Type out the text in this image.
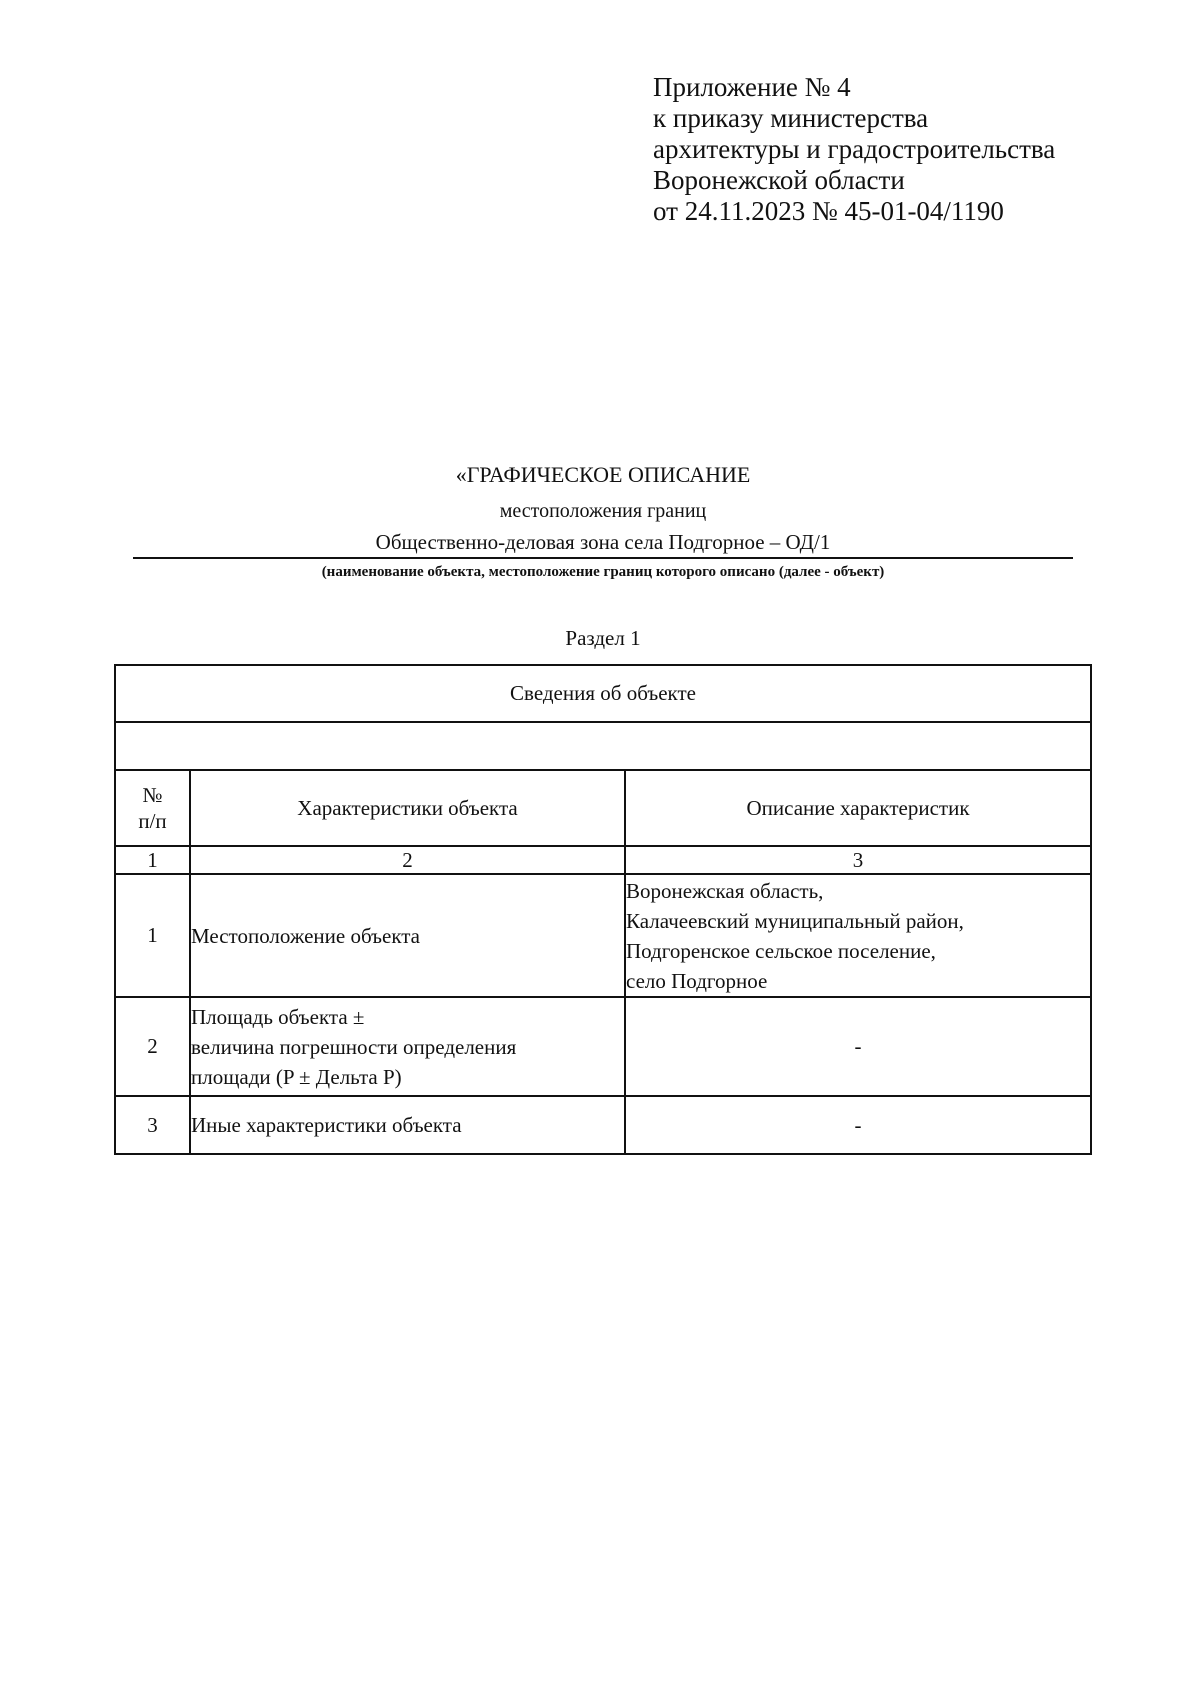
Приложение № 4
к приказу министерства
архитектуры и градостроительства
Воронежской области
от 24.11.2023 № 45-01-04/1190
«ГРАФИЧЕСКОЕ ОПИСАНИЕ
местоположения границ
Общественно-деловая зона села Подгорное – ОД/1
(наименование объекта, местоположение границ которого описано (далее - объект)
Раздел 1
Сведения об объекте		

№
п/п	Характеристики объекта	Описание характеристик
1	2	3
1	Местоположение объекта	Воронежская область,
Калачеевский муниципальный район,
Подгоренское сельское поселение,
село Подгорное

2	Площадь объекта ±
величина погрешности определения
площади (P ± Дельта P)	-
3	Иные характеристики объекта	-
